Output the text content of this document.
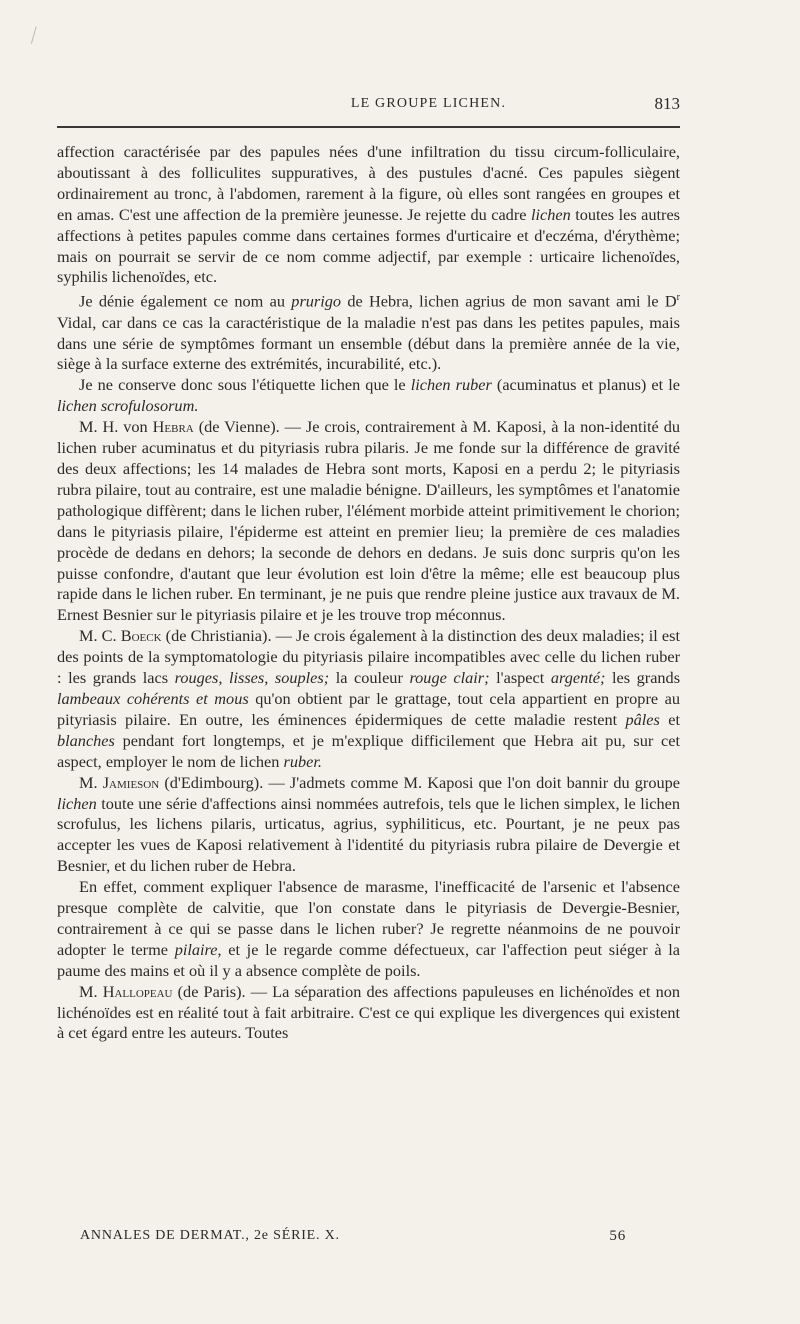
⁄
LE GROUPE LICHEN.	813

affection caractérisée par des papules nées d'une infiltration du tissu circum-folliculaire, aboutissant à des folliculites suppuratives, à des pustules d'acné. Ces papules siègent ordinairement au tronc, à l'abdomen, rarement à la figure, où elles sont rangées en groupes et en amas. C'est une affection de la première jeunesse. Je rejette du cadre lichen toutes les autres affections à petites papules comme dans certaines formes d'urticaire et d'eczéma, d'érythème; mais on pourrait se servir de ce nom comme adjectif, par exemple : urticaire lichenoïdes, syphilis lichenoïdes, etc.

Je dénie également ce nom au prurigo de Hebra, lichen agrius de mon savant ami le $D^r$ Vidal, car dans ce cas la caractéristique de la maladie n'est pas dans les petites papules, mais dans une série de symptômes formant un ensemble (début dans la première année de la vie, siège à la surface externe des extrémités, incurabilité, etc.).

Je ne conserve donc sous l'étiquette lichen que le lichen ruber (acuminatus et planus) et le lichen scrofulosorum.

M. H. von Hebra (de Vienne). — Je crois, contrairement à M. Kaposi, à la non-identité du lichen ruber acuminatus et du pityriasis rubra pilaris. Je me fonde sur la différence de gravité des deux affections; les 14 malades de Hebra sont morts, Kaposi en a perdu 2; le pityriasis rubra pilaire, tout au contraire, est une maladie bénigne. D'ailleurs, les symptômes et l'anatomie pathologique diffèrent; dans le lichen ruber, l'élément morbide atteint primitivement le chorion; dans le pityriasis pilaire, l'épiderme est atteint en premier lieu; la première de ces maladies procède de dedans en dehors; la seconde de dehors en dedans. Je suis donc surpris qu'on les puisse confondre, d'autant que leur évolution est loin d'être la même; elle est beaucoup plus rapide dans le lichen ruber. En terminant, je ne puis que rendre pleine justice aux travaux de M. Ernest Besnier sur le pityriasis pilaire et je les trouve trop méconnus.

M. C. Boeck (de Christiania). — Je crois également à la distinction des deux maladies; il est des points de la symptomatologie du pityriasis pilaire incompatibles avec celle du lichen ruber : les grands lacs rouges, lisses, souples; la couleur rouge clair; l'aspect argenté; les grands lambeaux cohérents et mous qu'on obtient par le grattage, tout cela appartient en propre au pityriasis pilaire. En outre, les éminences épidermiques de cette maladie restent pâles et blanches pendant fort longtemps, et je m'explique difficilement que Hebra ait pu, sur cet aspect, employer le nom de lichen ruber.

M. Jamieson (d'Edimbourg). — J'admets comme M. Kaposi que l'on doit bannir du groupe lichen toute une série d'affections ainsi nommées autrefois, tels que le lichen simplex, le lichen scrofulus, les lichens pilaris, urticatus, agrius, syphiliticus, etc. Pourtant, je ne peux pas accepter les vues de Kaposi relativement à l'identité du pityriasis rubra pilaire de Devergie et Besnier, et du lichen ruber de Hebra.

En effet, comment expliquer l'absence de marasme, l'inefficacité de l'arsenic et l'absence presque complète de calvitie, que l'on constate dans le pityriasis de Devergie-Besnier, contrairement à ce qui se passe dans le lichen ruber? Je regrette néanmoins de ne pouvoir adopter le terme pilaire, et je le regarde comme défectueux, car l'affection peut siéger à la paume des mains et où il y a absence complète de poils.

M. Hallopeau (de Paris). — La séparation des affections papuleuses en lichénoïdes et non lichénoïdes est en réalité tout à fait arbitraire. C'est ce qui explique les divergences qui existent à cet égard entre les auteurs. Toutes

ANNALES DE DERMAT., 2e SÉRIE. X.	56
